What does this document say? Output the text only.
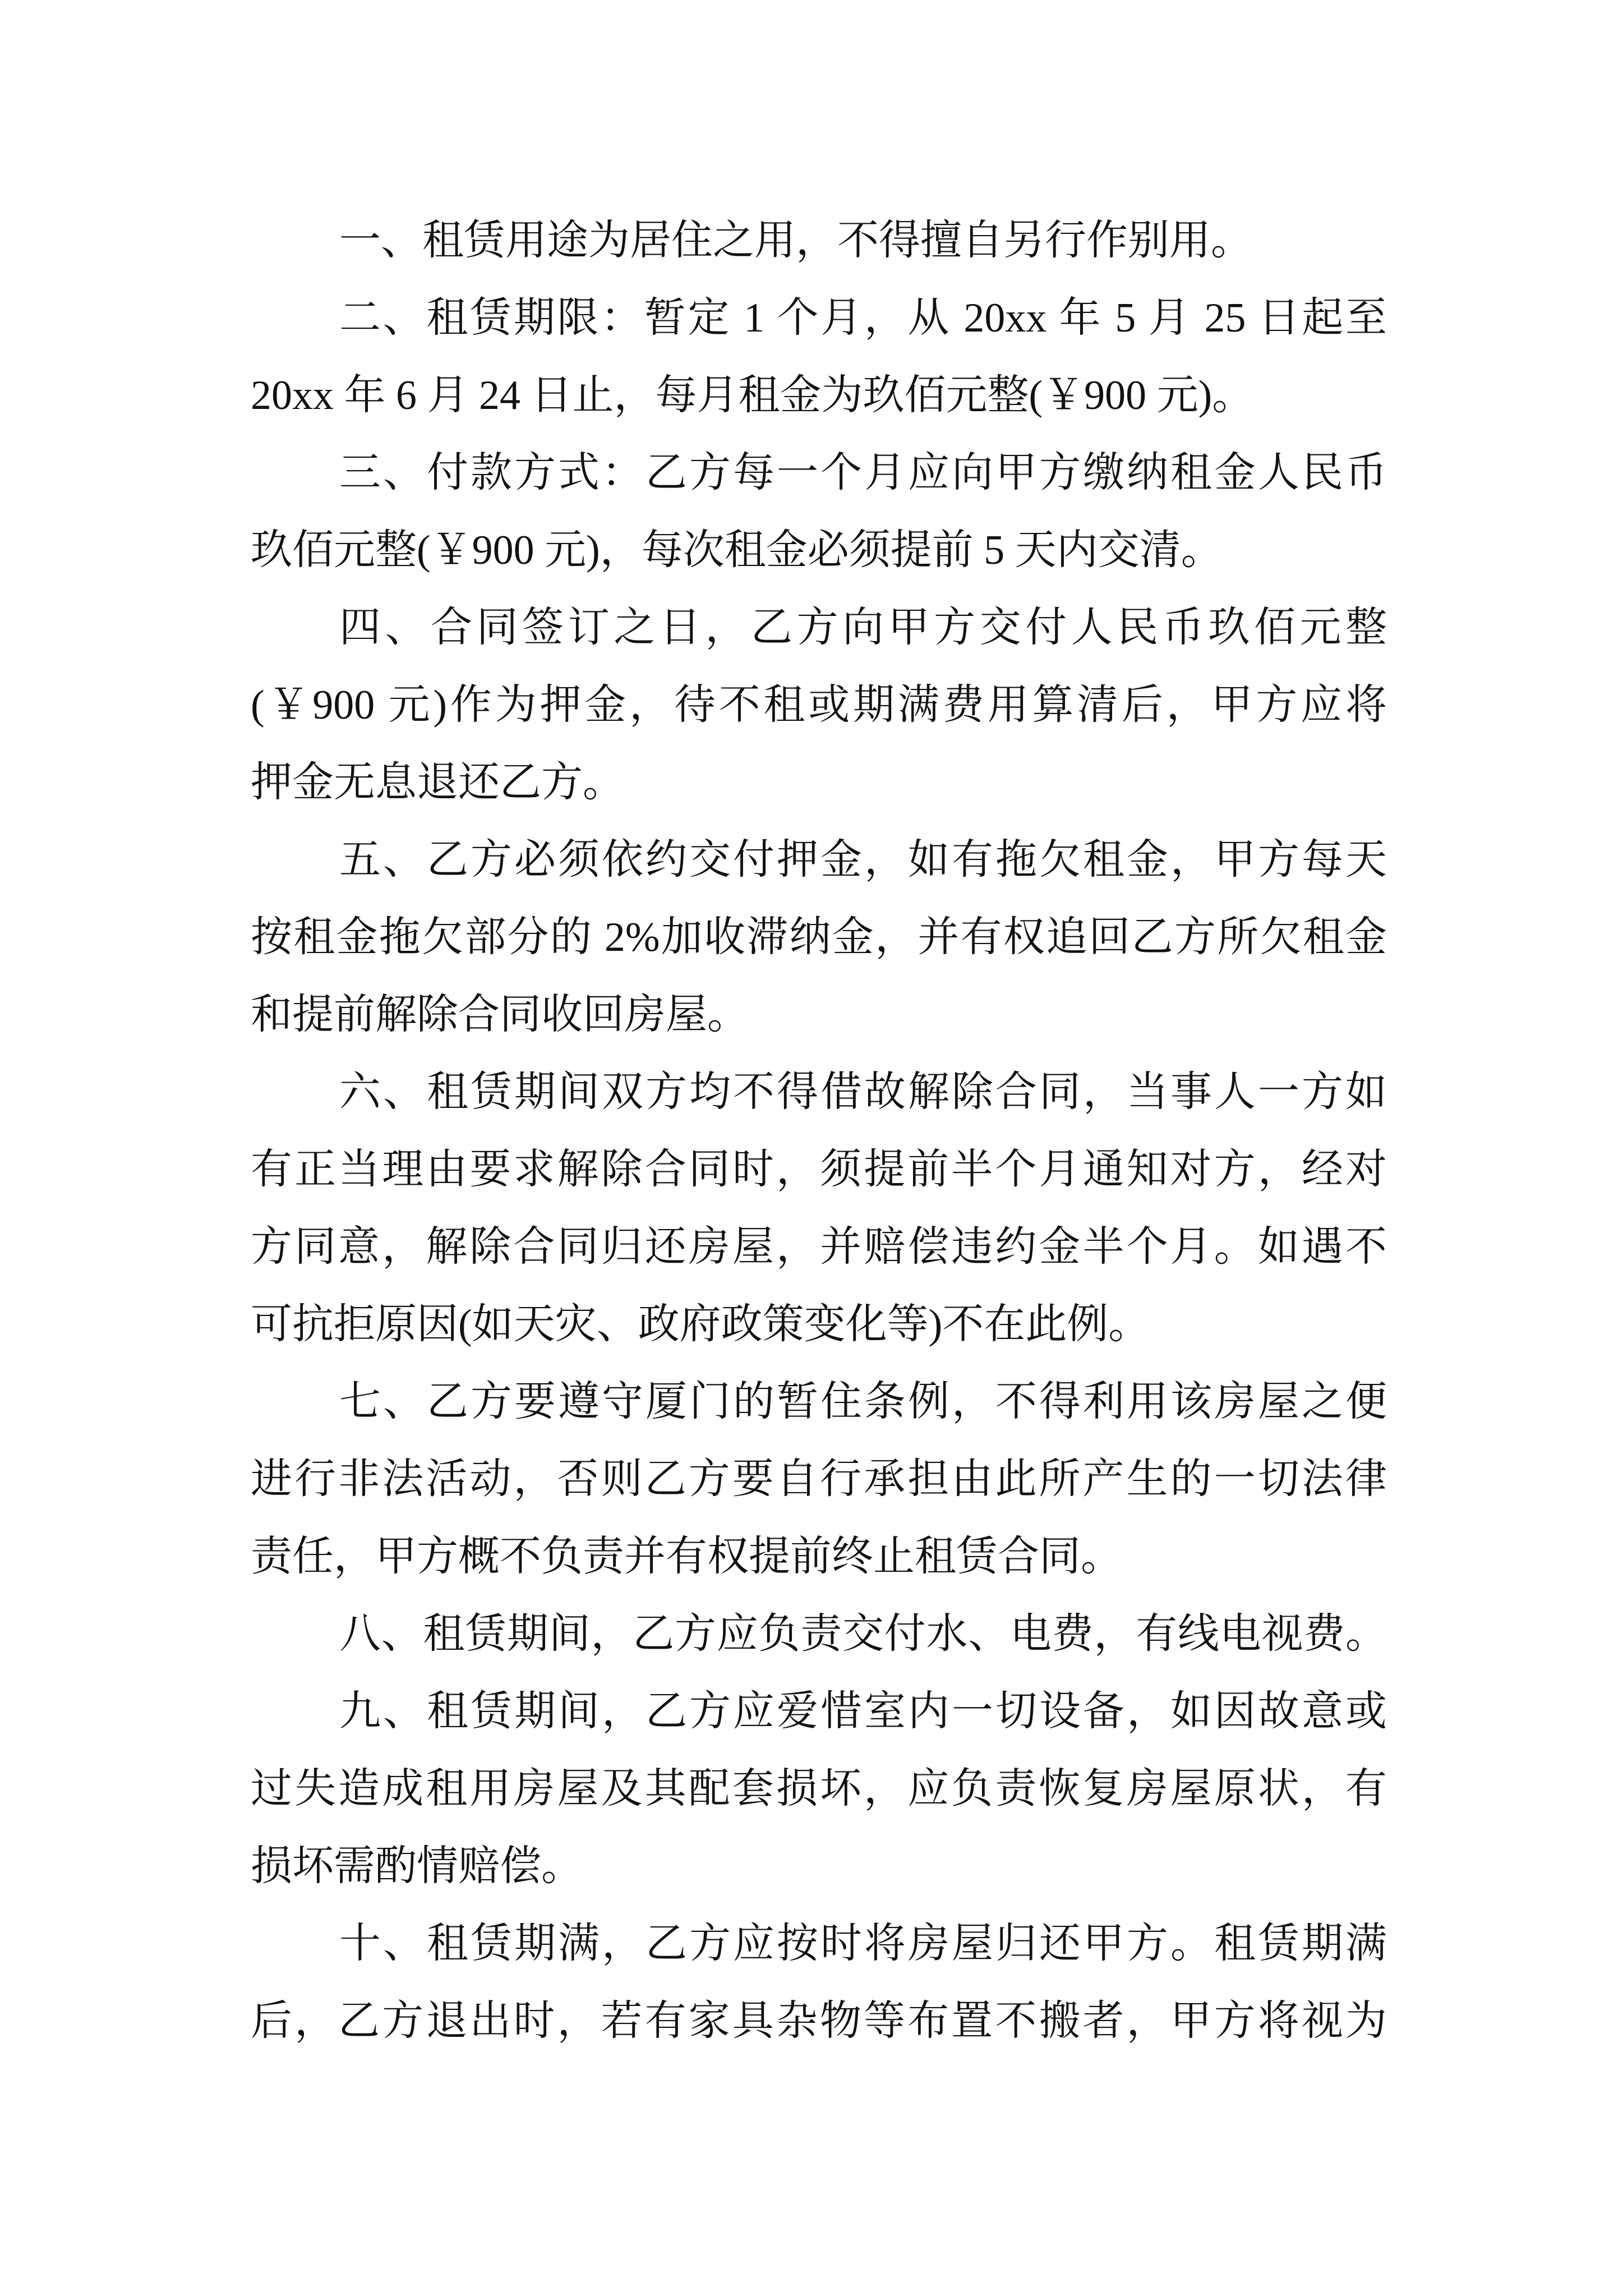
一、租赁用途为居住之用，不得擅自另行作别用。
二、租赁期限：暂定 1 个月，从 20xx 年 5 月 25 日起至
20xx 年 6 月 24 日止，每月租金为玖佰元整(￥900 元)。
三、付款方式：乙方每一个月应向甲方缴纳租金人民币
玖佰元整(￥900 元)，每次租金必须提前 5 天内交清。
四、合同签订之日，乙方向甲方交付人民币玖佰元整
(￥900 元)作为押金，待不租或期满费用算清后，甲方应将
押金无息退还乙方。
五、乙方必须依约交付押金，如有拖欠租金，甲方每天
按租金拖欠部分的 2%加收滞纳金，并有权追回乙方所欠租金
和提前解除合同收回房屋。
六、租赁期间双方均不得借故解除合同，当事人一方如
有正当理由要求解除合同时，须提前半个月通知对方，经对
方同意，解除合同归还房屋，并赔偿违约金半个月。如遇不
可抗拒原因(如天灾、政府政策变化等)不在此例。
七、乙方要遵守厦门的暂住条例，不得利用该房屋之便
进行非法活动，否则乙方要自行承担由此所产生的一切法律
责任，甲方概不负责并有权提前终止租赁合同。
八、租赁期间，乙方应负责交付水、电费，有线电视费。
九、租赁期间，乙方应爱惜室内一切设备，如因故意或
过失造成租用房屋及其配套损坏，应负责恢复房屋原状，有
损坏需酌情赔偿。
十、租赁期满，乙方应按时将房屋归还甲方。租赁期满
后，乙方退出时，若有家具杂物等布置不搬者，甲方将视为
